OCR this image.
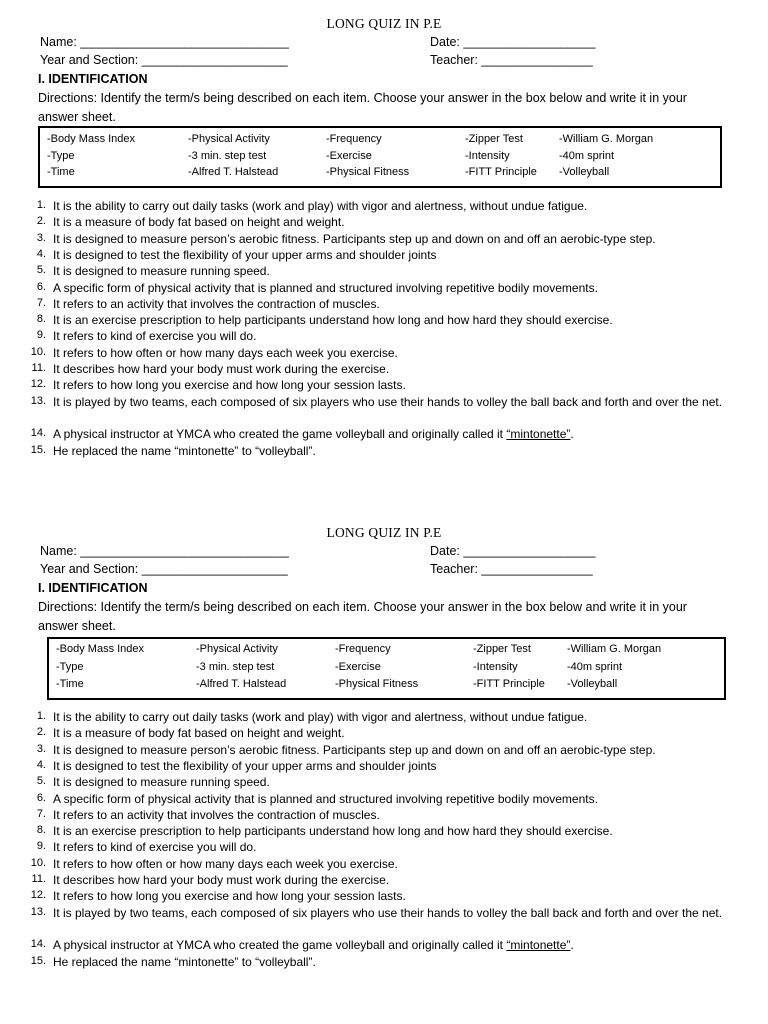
LONG QUIZ IN P.E
Name: ______________________________	Date: ___________________
Year and Section: _____________________	Teacher: ________________
I. IDENTIFICATION
Directions: Identify the term/s being described on each item. Choose your answer in the box below and write it in your answer sheet.
1. It is the ability to carry out daily tasks (work and play) with vigor and alertness, without undue fatigue.
2. It is a measure of body fat based on height and weight.
3. It is designed to measure person’s aerobic fitness. Participants step up and down on and off an aerobic-type step.
4. It is designed to test the flexibility of your upper arms and shoulder joints
5. It is designed to measure running speed.
6. A specific form of physical activity that is planned and structured involving repetitive bodily movements.
7. It refers to an activity that involves the contraction of muscles.
8. It is an exercise prescription to help participants understand how long and how hard they should exercise.
9. It refers to kind of exercise you will do.
10. It refers to how often or how many days each week you exercise.
11. It describes how hard your body must work during the exercise.
12. It refers to how long you exercise and how long your session lasts.
13. It is played by two teams, each composed of six players who use their hands to volley the ball back and forth and over the net.
14. A physical instructor at YMCA who created the game volleyball and originally called it “mintonette”.
15. He replaced the name “mintonette” to “volleyball”.
-Body Mass Index	-Physical Activity	-Frequency	-Zipper Test	-William G. Morgan
-Type	-3 min. step test	-Exercise	-Intensity	-40m sprint
-Time	-Alfred T. Halstead	-Physical Fitness	-FITT Principle -Volleyball
LONG QUIZ IN P.E
Name: ______________________________	Date: ___________________
Year and Section: _____________________	Teacher: ________________
I. IDENTIFICATION
Directions: Identify the term/s being described on each item. Choose your answer in the box below and write it in your answer sheet.
1. It is the ability to carry out daily tasks (work and play) with vigor and alertness, without undue fatigue.
2. It is a measure of body fat based on height and weight.
3. It is designed to measure person’s aerobic fitness. Participants step up and down on and off an aerobic-type step.
4. It is designed to test the flexibility of your upper arms and shoulder joints
5. It is designed to measure running speed.
6. A specific form of physical activity that is planned and structured involving repetitive bodily movements.
7. It refers to an activity that involves the contraction of muscles.
8. It is an exercise prescription to help participants understand how long and how hard they should exercise.
9. It refers to kind of exercise you will do.
10. It refers to how often or how many days each week you exercise.
11. It describes how hard your body must work during the exercise.
12. It refers to how long you exercise and how long your session lasts.
13. It is played by two teams, each composed of six players who use their hands to volley the ball back and forth and over the net.
14. A physical instructor at YMCA who created the game volleyball and originally called it “mintonette”.
15. He replaced the name “mintonette” to “volleyball”.
-Body Mass Index	-Physical Activity	-Frequency	-Zipper Test	-William G. Morgan
-Type	-3 min. step test	-Exercise	-Intensity	-40m sprint
-Time	-Alfred T. Halstead	-Physical Fitness	-FITT Principle -Volleyball
